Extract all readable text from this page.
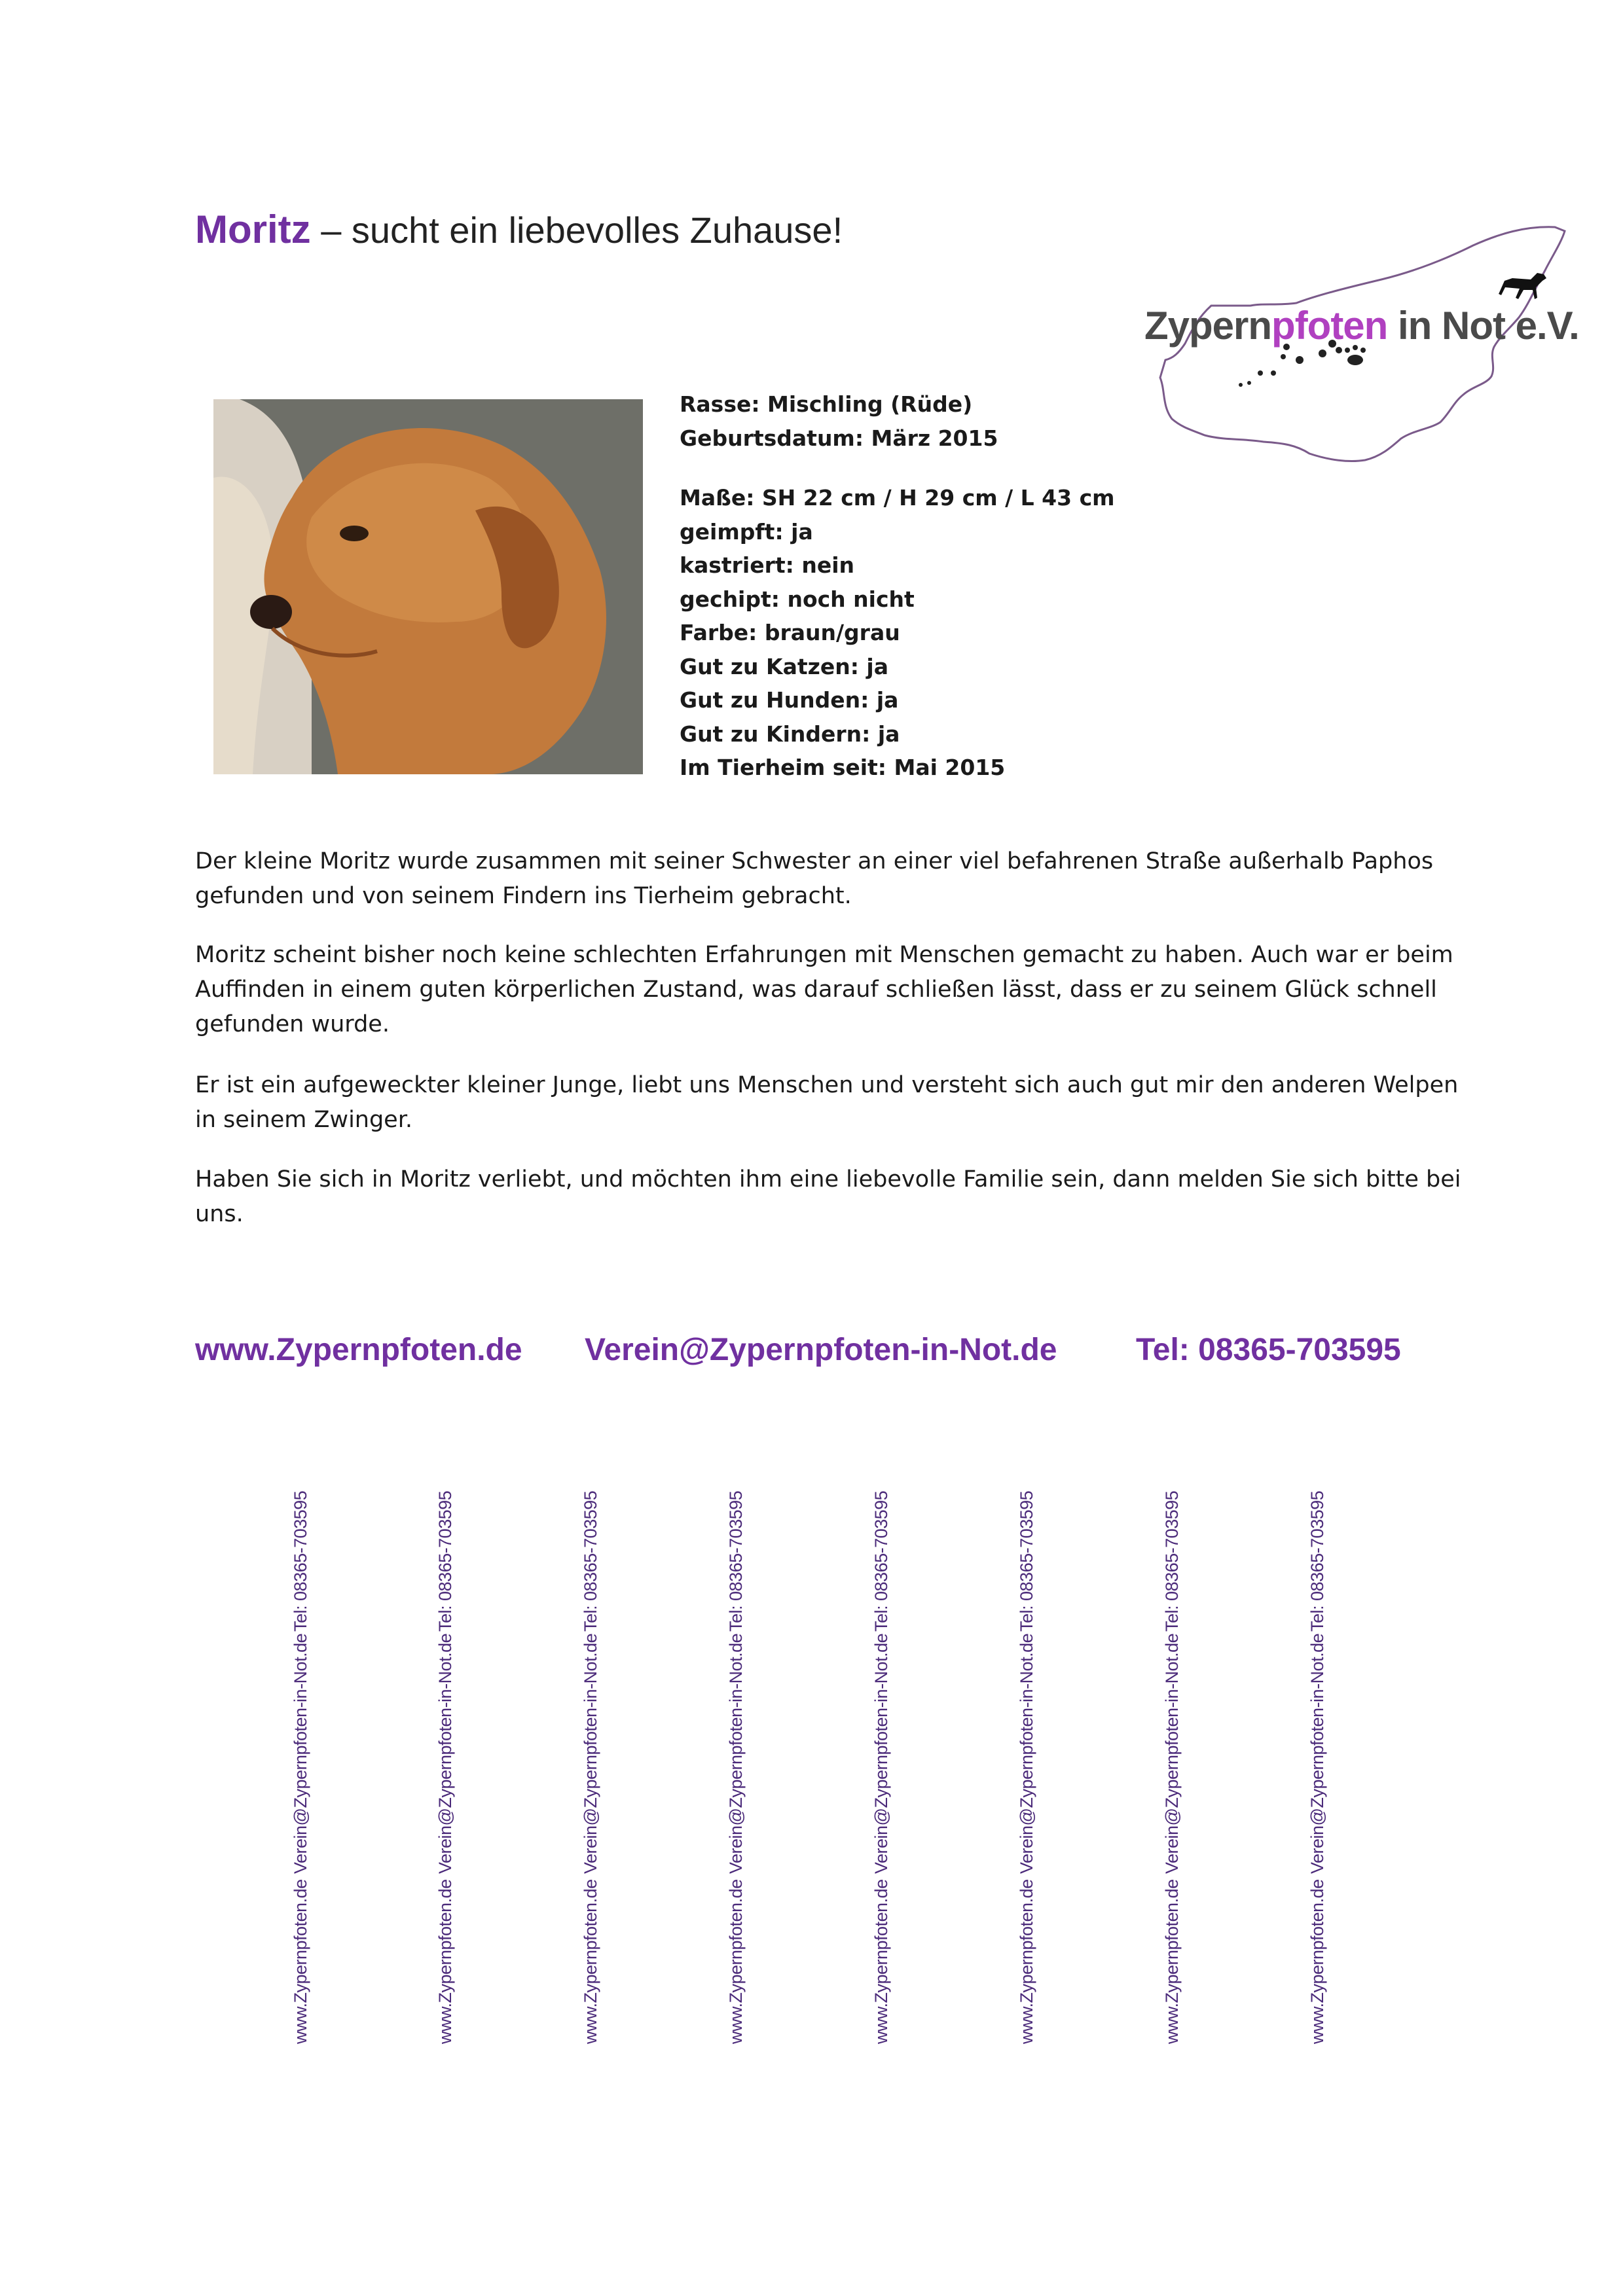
Moritz – sucht ein liebevolles Zuhause!
Zypernpfoten in Not e.V.
Rasse: Mischling (Rüde)
Geburtsdatum: März 2015
Maße: SH 22 cm / H 29 cm / L 43 cm
geimpft: ja
kastriert: nein
gechipt: noch nicht
Farbe: braun/grau
Gut zu Katzen: ja
Gut zu Hunden: ja
Gut zu Kindern: ja
Im Tierheim seit: Mai 2015
Der kleine Moritz wurde zusammen mit seiner Schwester an einer viel befahrenen Straße außerhalb Paphos gefunden und von seinem Findern ins Tierheim gebracht.
Moritz scheint bisher noch keine schlechten Erfahrungen mit Menschen gemacht zu haben. Auch war er beim Auffinden in einem guten körperlichen Zustand, was darauf schließen lässt, dass er zu seinem Glück schnell gefunden wurde.
Er ist ein aufgeweckter kleiner Junge, liebt uns Menschen und versteht sich auch gut mir den anderen Welpen in seinem Zwinger.
Haben Sie sich in Moritz verliebt, und möchten ihm eine liebevolle Familie sein, dann melden Sie sich bitte bei uns.
www.Zypernpfoten.de Verein@Zypernpfoten-in-Not.de	Tel: 08365-703595
www.Zypernpfoten.de
Verein@Zypernpfoten-in-Not.de
Tel: 08365-703595
www.Zypernpfoten.de
Verein@Zypernpfoten-in-Not.de
Tel: 08365-703595
www.Zypernpfoten.de
Verein@Zypernpfoten-in-Not.de
Tel: 08365-703595
www.Zypernpfoten.de
Verein@Zypernpfoten-in-Not.de
Tel: 08365-703595
www.Zypernpfoten.de
Verein@Zypernpfoten-in-Not.de
Tel: 08365-703595
www.Zypernpfoten.de
Verein@Zypernpfoten-in-Not.de
Tel: 08365-703595
www.Zypernpfoten.de
Verein@Zypernpfoten-in-Not.de
Tel: 08365-703595
www.Zypernpfoten.de
Verein@Zypernpfoten-in-Not.de
Tel: 08365-703595
